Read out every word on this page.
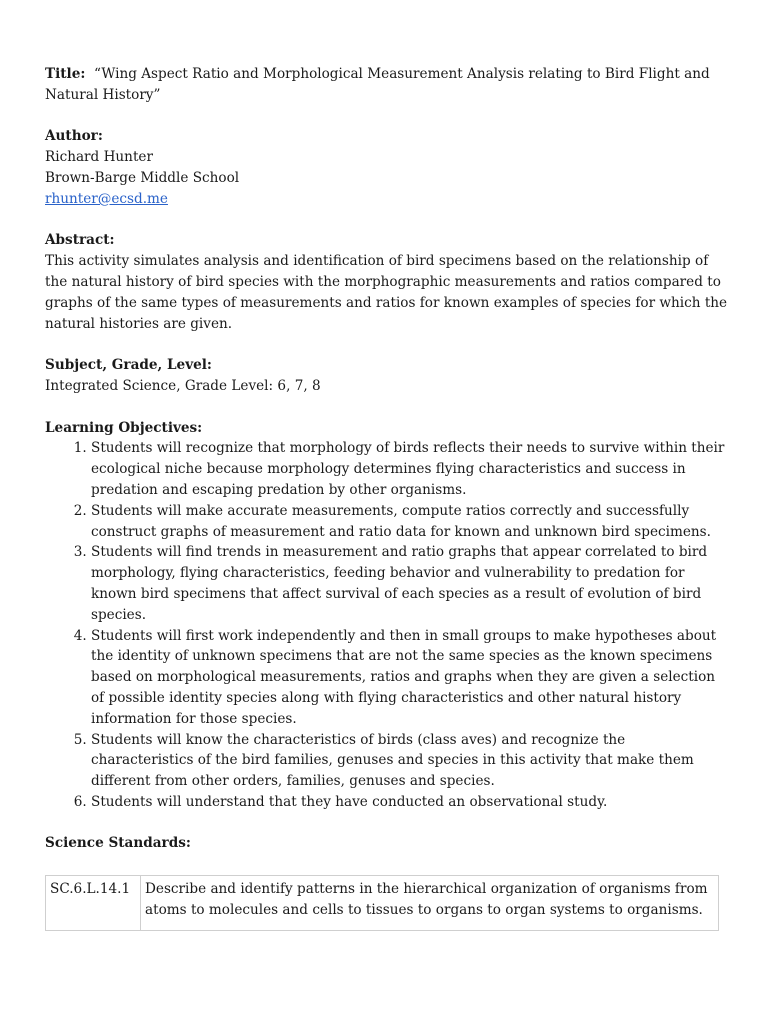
Title: “Wing Aspect Ratio and Morphological Measurement Analysis relating to Bird Flight and Natural History”

Author:

Richard Hunter

Brown-Barge Middle School

rhunter@ecsd.me

Abstract:

This activity simulates analysis and identification of bird specimens based on the relationship of the natural history of bird species with the morphographic measurements and ratios compared to graphs of the same types of measurements and ratios for known examples of species for which the natural histories are given.

Subject, Grade, Level:

Integrated Science, Grade Level: 6, 7, 8

Learning Objectives:

1. Students will recognize that morphology of birds reflects their needs to survive within their ecological niche because morphology determines flying characteristics and success in predation and escaping predation by other organisms.
2. Students will make accurate measurements, compute ratios correctly and successfully construct graphs of measurement and ratio data for known and unknown bird specimens.
3. Students will find trends in measurement and ratio graphs that appear correlated to bird morphology, flying characteristics, feeding behavior and vulnerability to predation for known bird specimens that affect survival of each species as a result of evolution of bird species.
4. Students will first work independently and then in small groups to make hypotheses about the identity of unknown specimens that are not the same species as the known specimens based on morphological measurements, ratios and graphs when they are given a selection of possible identity species along with flying characteristics and other natural history information for those species.
5. Students will know the characteristics of birds (class aves) and recognize the characteristics of the bird families, genuses and species in this activity that make them different from other orders, families, genuses and species.
6. Students will understand that they have conducted an observational study.

Science Standards:

SC.6.L.14.1	Describe and identify patterns in the hierarchical organization of organisms from atoms to molecules and cells to tissues to organs to organ systems to organisms.
